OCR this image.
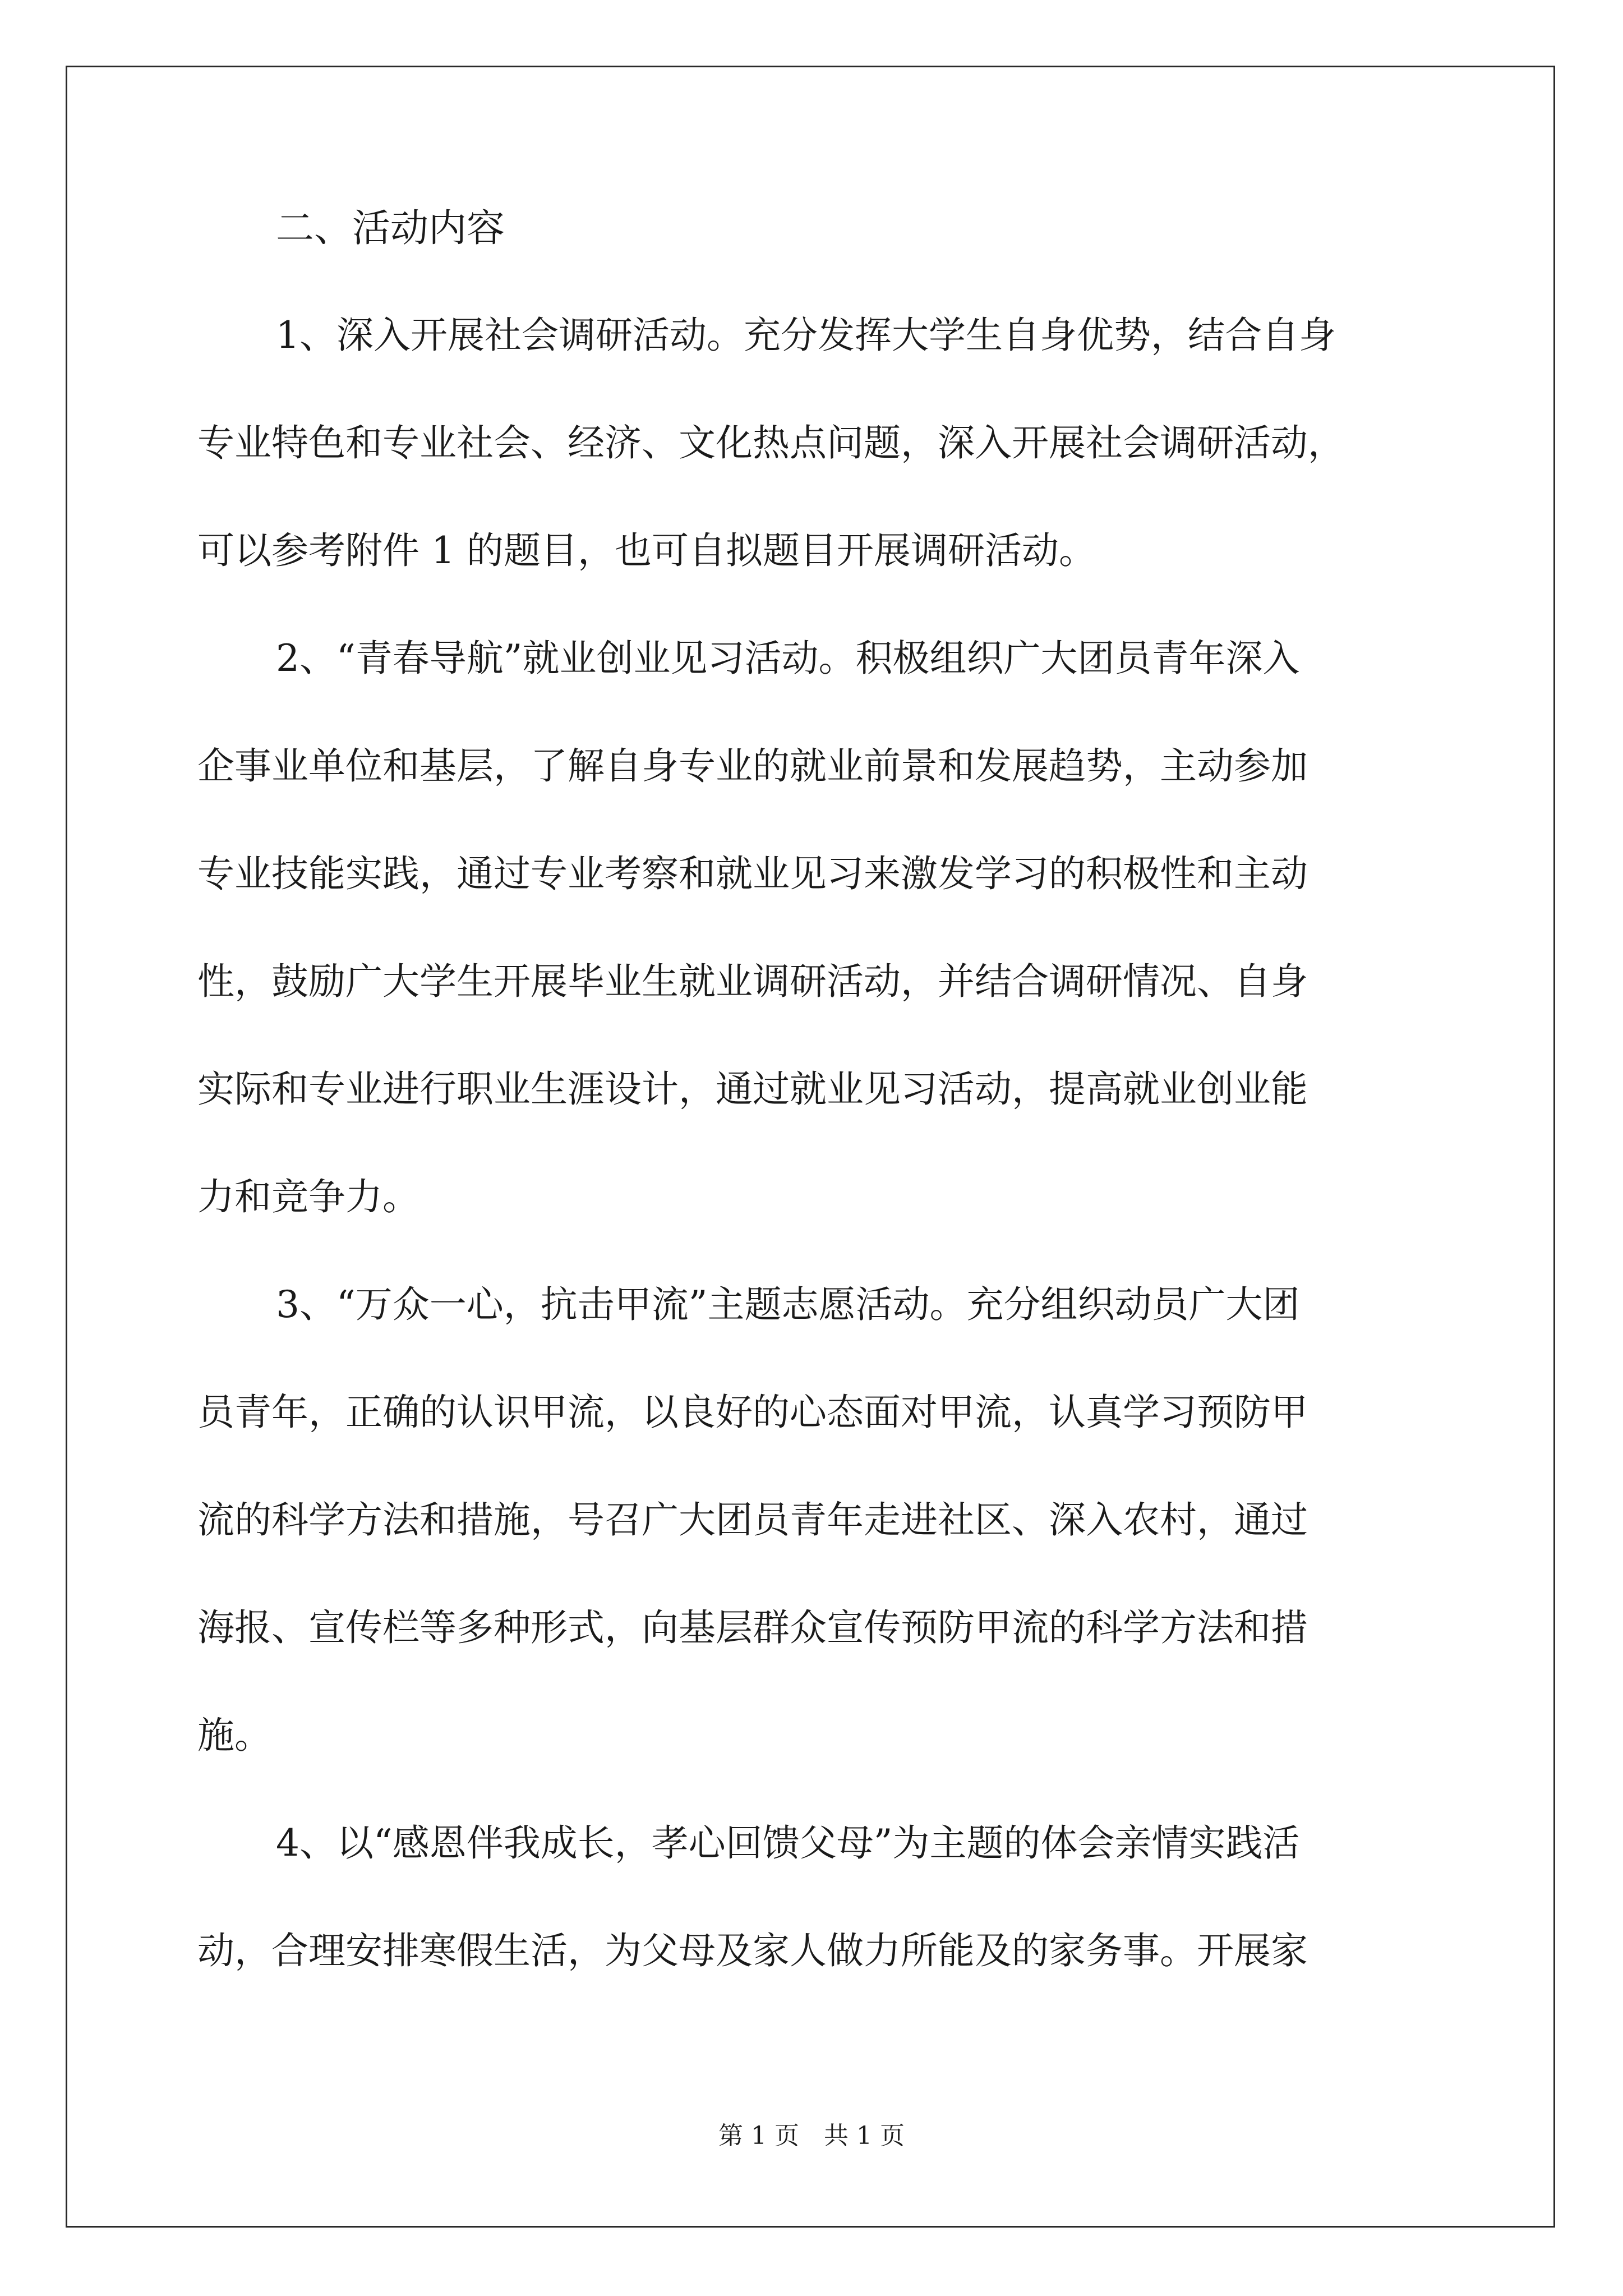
二、活动内容
1、深入开展社会调研活动。充分发挥大学生自身优势，结合自身
专业特色和专业社会、经济、文化热点问题，深入开展社会调研活动，
可以参考附件 1 的题目，也可自拟题目开展调研活动。
2、“青春导航”就业创业见习活动。积极组织广大团员青年深入
企事业单位和基层，了解自身专业的就业前景和发展趋势，主动参加
专业技能实践，通过专业考察和就业见习来激发学习的积极性和主动
性，鼓励广大学生开展毕业生就业调研活动，并结合调研情况、自身
实际和专业进行职业生涯设计，通过就业见习活动，提高就业创业能
力和竞争力。
3、“万众一心，抗击甲流”主题志愿活动。充分组织动员广大团
员青年，正确的认识甲流，以良好的心态面对甲流，认真学习预防甲
流的科学方法和措施，号召广大团员青年走进社区、深入农村，通过
海报、宣传栏等多种形式，向基层群众宣传预防甲流的科学方法和措
施。
4、以“感恩伴我成长，孝心回馈父母”为主题的体会亲情实践活
动，合理安排寒假生活，为父母及家人做力所能及的家务事。开展家
第 1 页　共 1 页
